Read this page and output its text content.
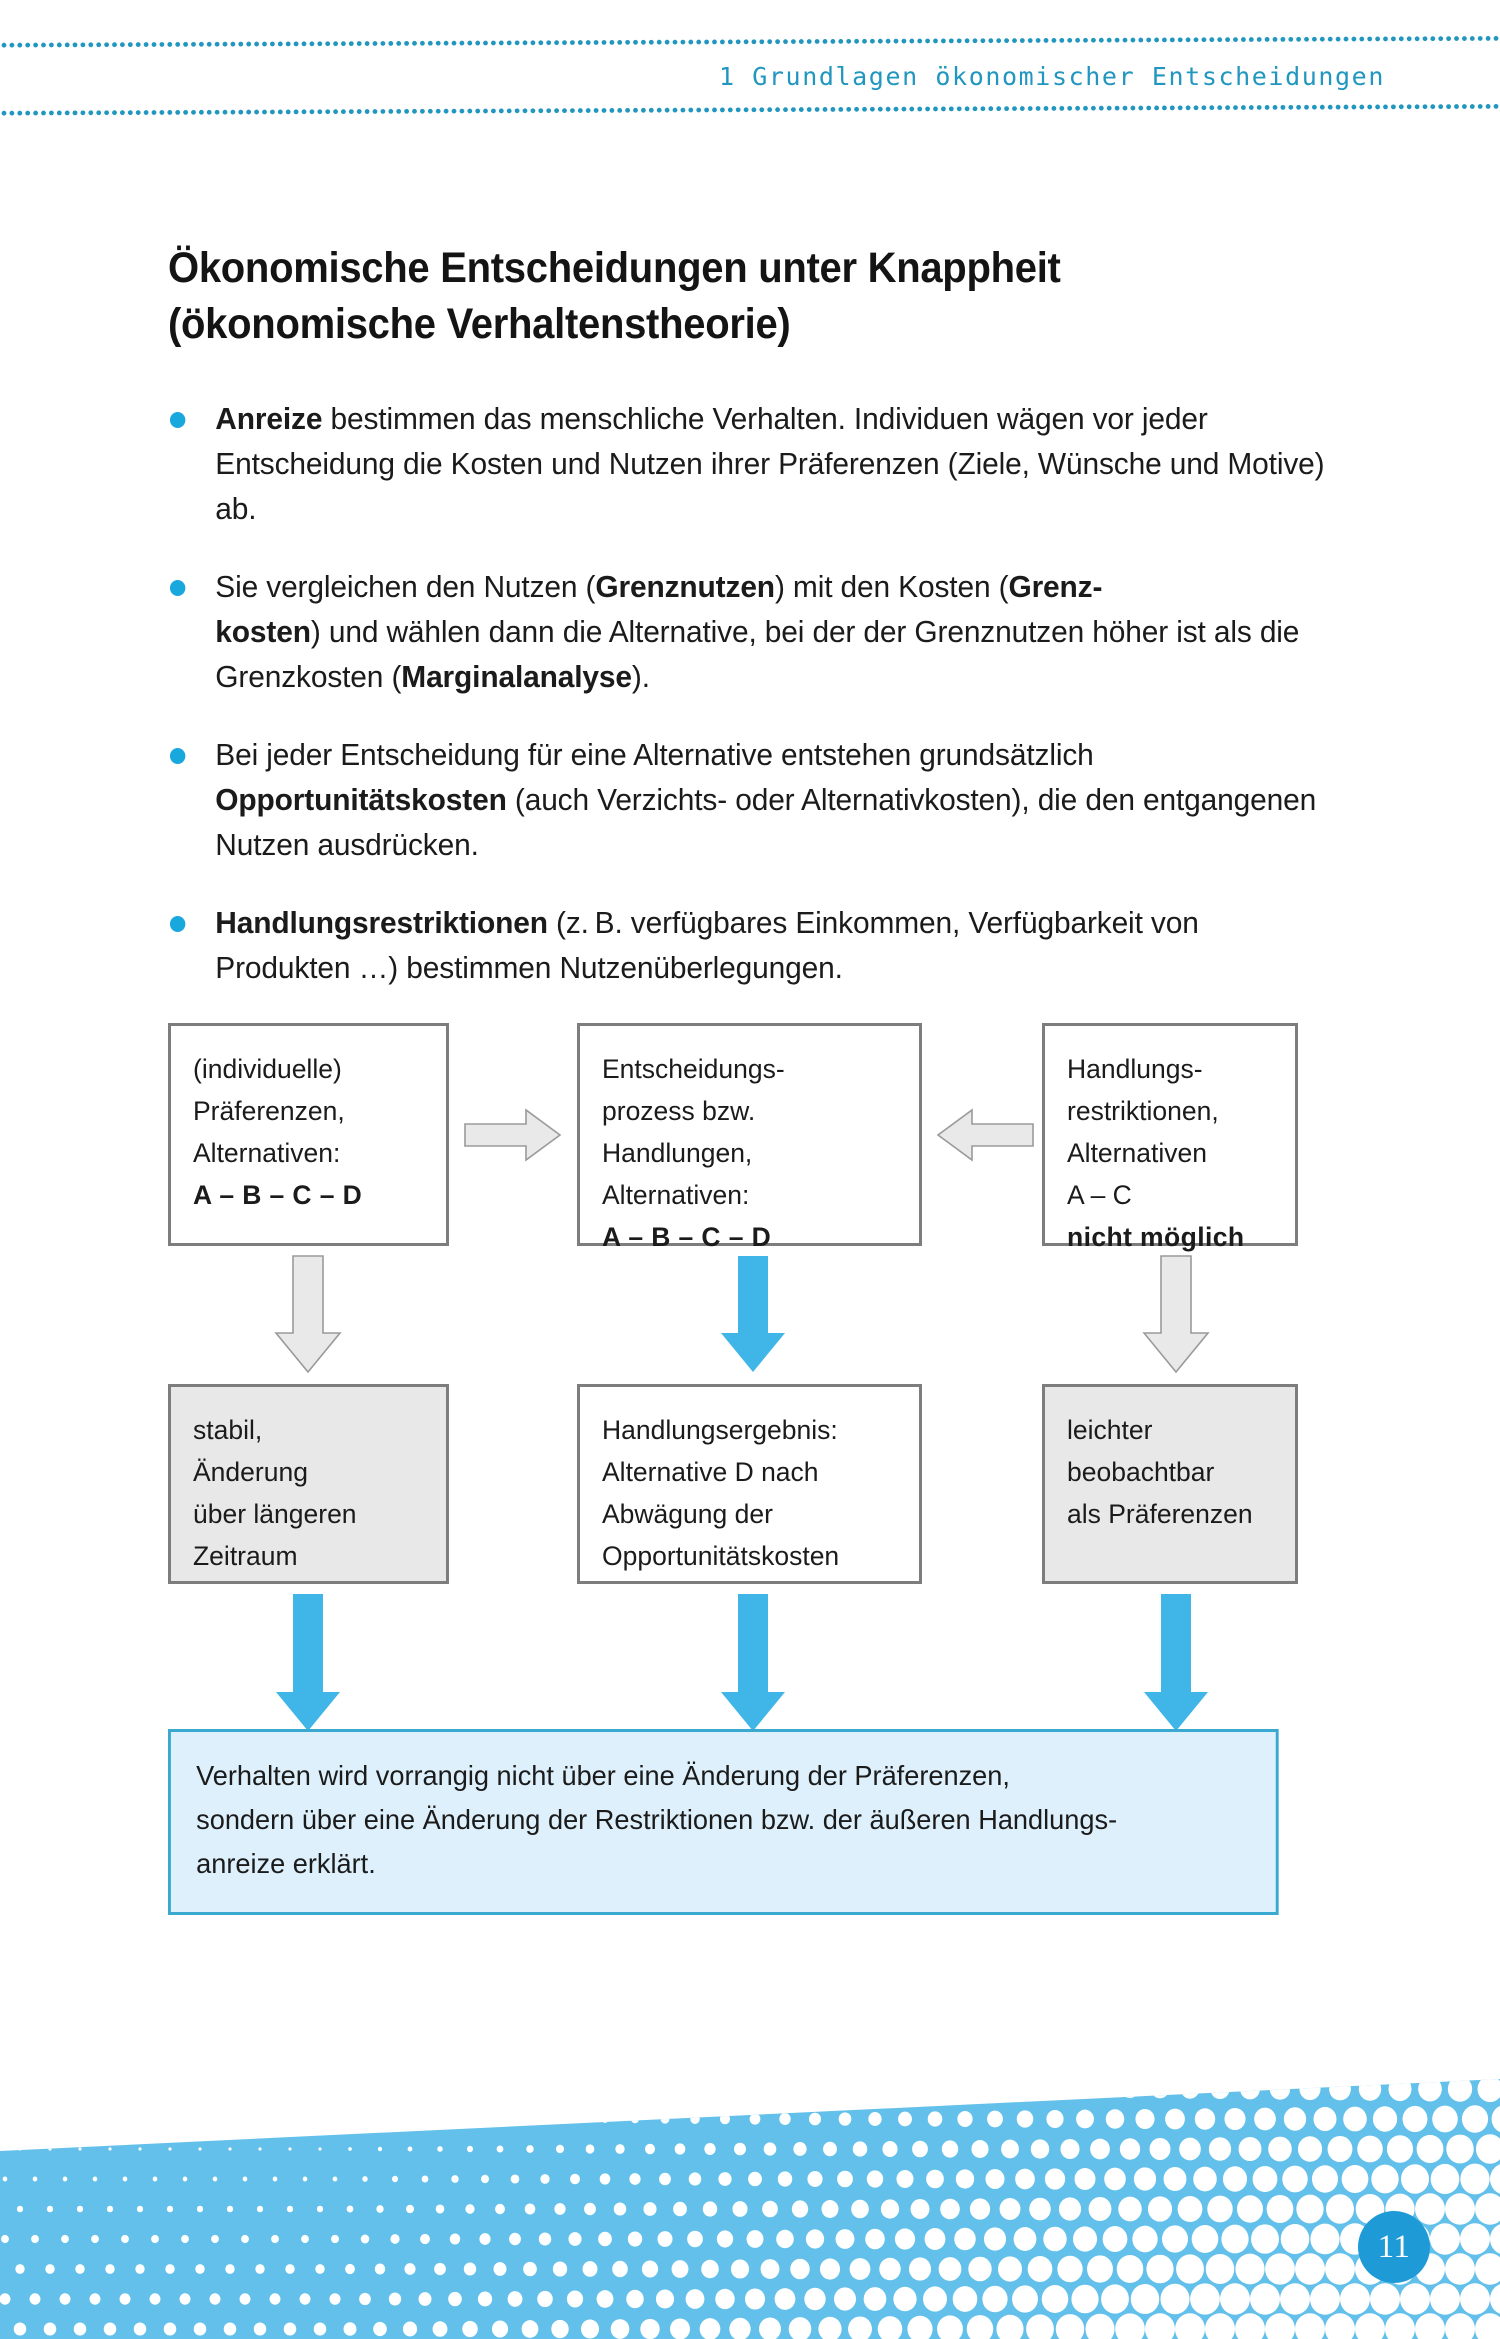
1 Grundlagen ökonomischer Entscheidungen
Ökonomische Entscheidungen unter Knappheit
(ökonomische Verhaltenstheorie)
Anreize bestimmen das menschliche Verhalten. Individuen wägen vor jeder Entscheidung die Kosten und Nutzen ihrer Präferenzen (Ziele, Wünsche und Motive) ab.
Sie vergleichen den Nutzen (Grenznutzen) mit den Kosten (Grenz-
kosten) und wählen dann die Alternative, bei der der Grenznutzen höher ist als die Grenzkosten (Marginalanalyse).
Bei jeder Entscheidung für eine Alternative entstehen grundsätzlich Opportunitätskosten (auch Verzichts- oder Alternativkosten), die den entgangenen Nutzen ausdrücken.
Handlungsrestriktionen (z. B. verfügbares Einkommen, Verfügbarkeit von Produkten …) bestimmen Nutzenüberlegungen.
(individuelle)
Präferenzen,
Alternativen:
A – B – C – D
Entscheidungs-
prozess bzw.
Handlungen,
Alternativen:
A – B – C – D
Handlungs-
restriktionen,
Alternativen
A – C
nicht möglich
stabil,
Änderung
über längeren
Zeitraum
Handlungsergebnis:
Alternative D nach
Abwägung der
Opportunitätskosten
leichter
beobachtbar
als Präferenzen
Verhalten wird vorrangig nicht über eine Änderung der Präferenzen,
sondern über eine Änderung der Restriktionen bzw. der äußeren Handlungs-
anreize erklärt.
11
